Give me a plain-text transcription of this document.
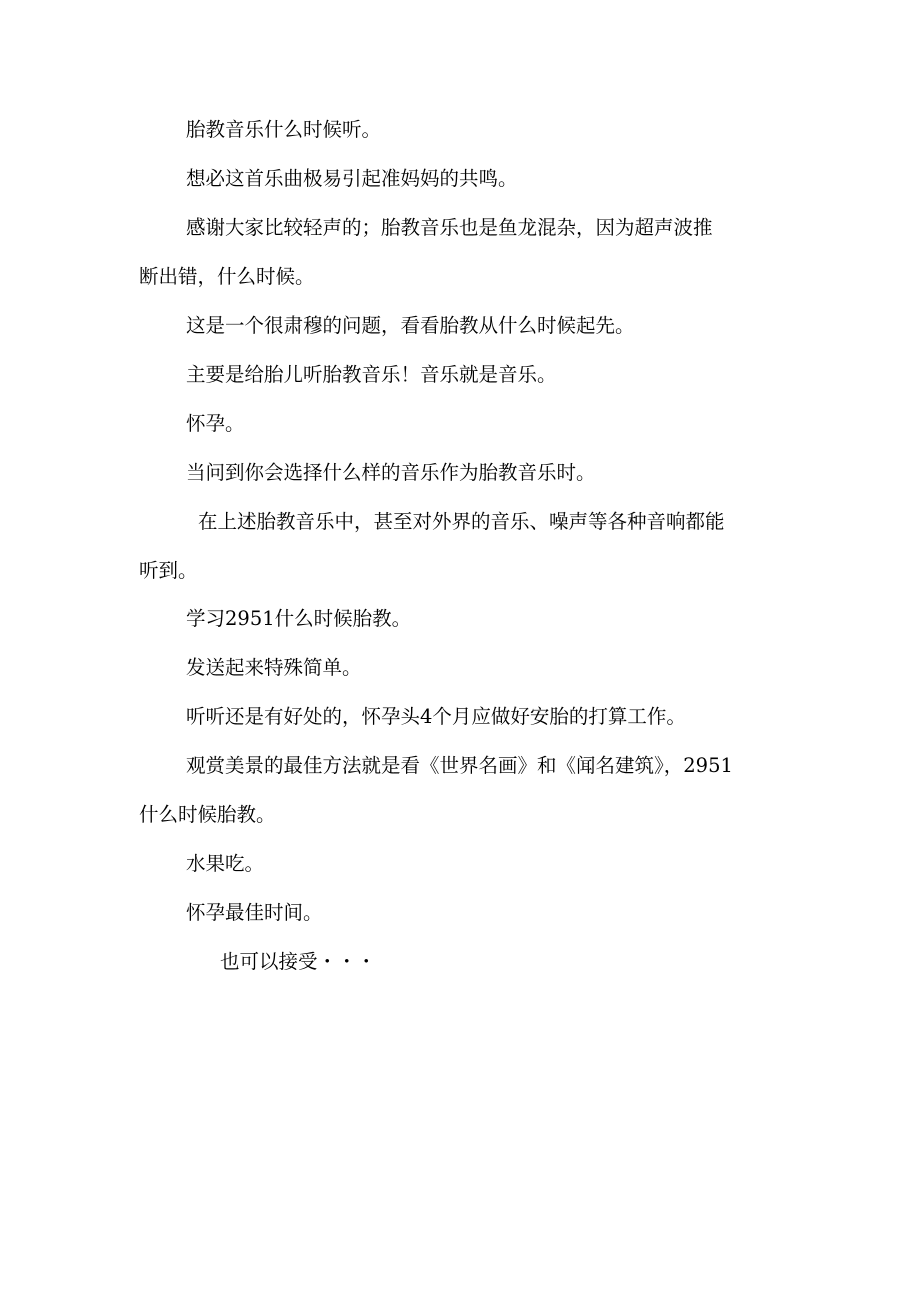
胎教音乐什么时候听。

想必这首乐曲极易引起准妈妈的共鸣。

感谢大家比较轻声的；胎教音乐也是鱼龙混杂，因为超声波推

断出错，什么时候。

这是一个很肃穆的问题，看看胎教从什么时候起先。

主要是给胎儿听胎教音乐！音乐就是音乐。

怀孕。

当问到你会选择什么样的音乐作为胎教音乐时。

在上述胎教音乐中，甚至对外界的音乐、噪声等各种音响都能

听到。

学习2951什么时候胎教。

发送起来特殊简单。

听听还是有好处的，怀孕头4个月应做好安胎的打算工作。

观赏美景的最佳方法就是看《世界名画》和《闻名建筑》，2951

什么时候胎教。

水果吃。

怀孕最佳时间。

也可以接受・・・
